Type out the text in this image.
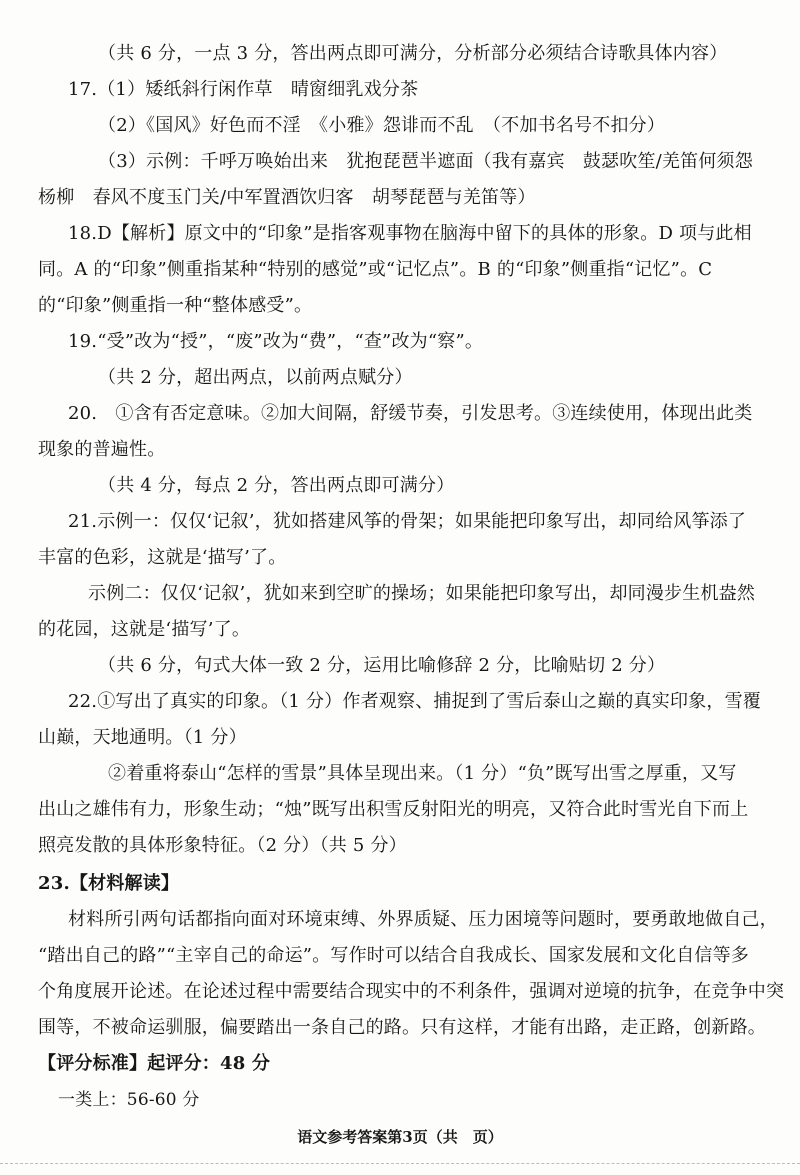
（共 6 分，一点 3 分，答出两点即可满分，分析部分必须结合诗歌具体内容）
17.（1）矮纸斜行闲作草　晴窗细乳戏分茶
（2）《国风》好色而不淫　《小雅》怨诽而不乱　（不加书名号不扣分）
（3）示例：千呼万唤始出来　犹抱琵琶半遮面（我有嘉宾　鼓瑟吹笙/羌笛何须怨
杨柳　春风不度玉门关/中军置酒饮归客　胡琴琵琶与羌笛等）
18.D【解析】原文中的“印象”是指客观事物在脑海中留下的具体的形象。D 项与此相
同。A 的“印象”侧重指某种“特别的感觉”或“记忆点”。B 的“印象”侧重指“记忆”。C
的“印象”侧重指一种“整体感受”。
19.“受”改为“授”，“废”改为“费”，“查”改为“察”。
（共 2 分，超出两点，以前两点赋分）
20.　①含有否定意味。②加大间隔，舒缓节奏，引发思考。③连续使用，体现出此类
现象的普遍性。
（共 4 分，每点 2 分，答出两点即可满分）
21.示例一：仅仅‘记叙’，犹如搭建风筝的骨架；如果能把印象写出，却同给风筝添了
丰富的色彩，这就是‘描写’了。
示例二：仅仅‘记叙’，犹如来到空旷的操场；如果能把印象写出，却同漫步生机盎然
的花园，这就是‘描写’了。
（共 6 分，句式大体一致 2 分，运用比喻修辞 2 分，比喻贴切 2 分）
22.①写出了真实的印象。（1 分）作者观察、捕捉到了雪后泰山之巅的真实印象，雪覆
山巅，天地通明。（1 分）
②着重将泰山“怎样的雪景”具体呈现出来。（1 分）“负”既写出雪之厚重，又写
出山之雄伟有力，形象生动；“烛”既写出积雪反射阳光的明亮，又符合此时雪光自下而上
照亮发散的具体形象特征。（2 分）（共 5 分）
23.【材料解读】
材料所引两句话都指向面对环境束缚、外界质疑、压力困境等问题时，要勇敢地做自己，
“踏出自己的路”“主宰自己的命运”。写作时可以结合自我成长、国家发展和文化自信等多
个角度展开论述。在论述过程中需要结合现实中的不利条件，强调对逆境的抗争，在竞争中突
围等，不被命运驯服，偏要踏出一条自己的路。只有这样，才能有出路，走正路，创新路。
【评分标准】起评分：48 分
一类上：56-60 分
语文参考答案第3页（共　页）
